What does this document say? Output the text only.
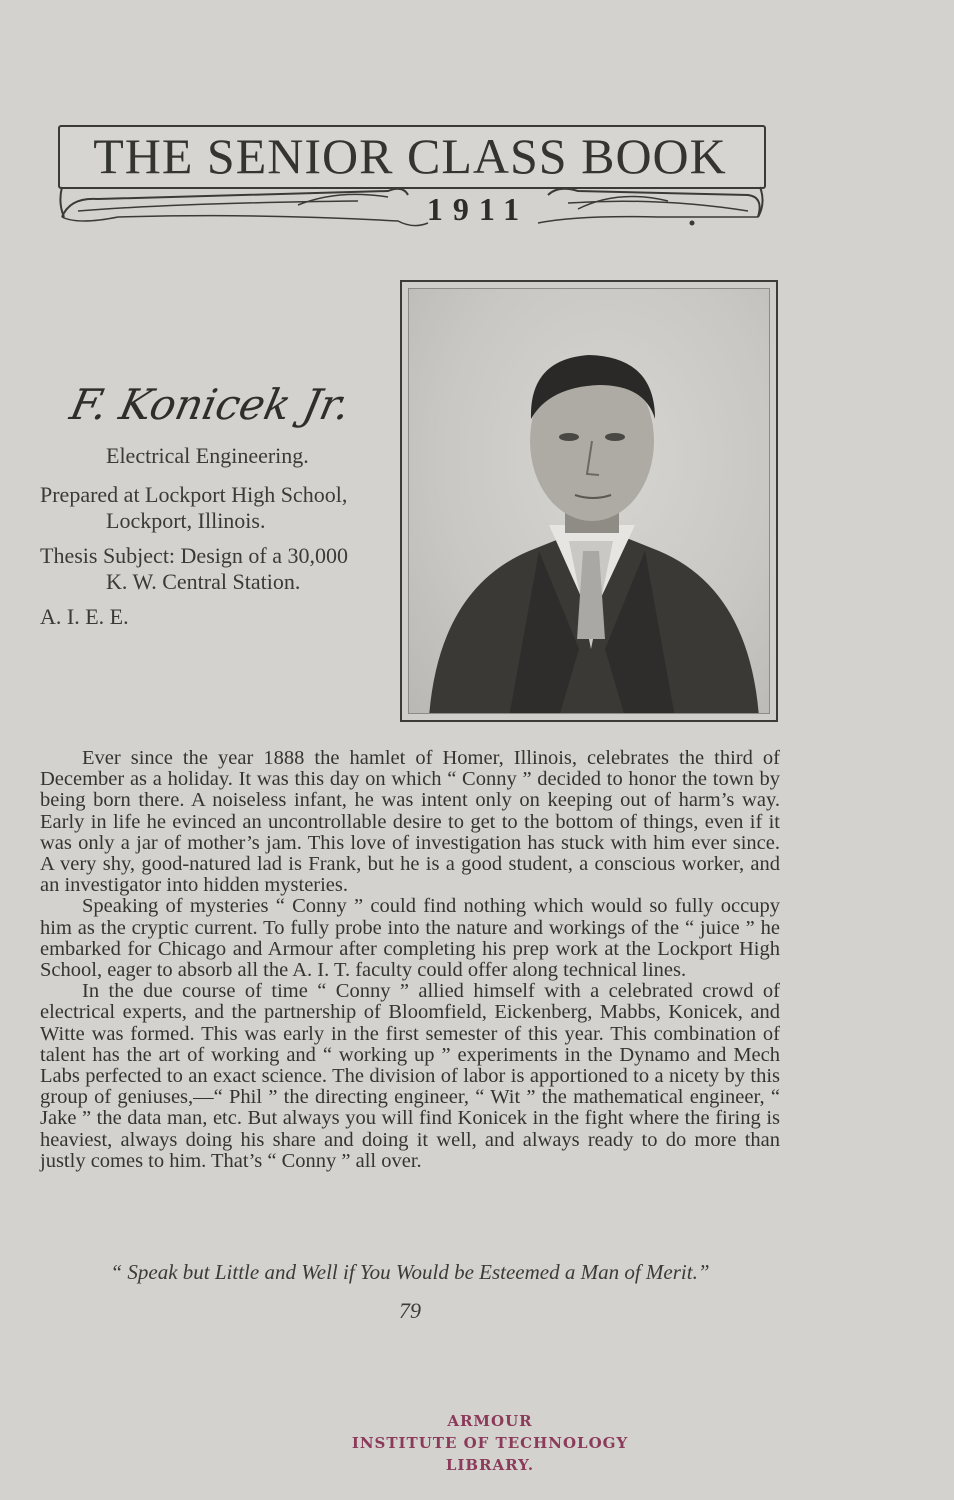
THE SENIOR CLASS BOOK
1911
F. Konicek Jr.
Electrical Engineering.
Prepared at Lockport High School,
Lockport, Illinois.
Thesis Subject: Design of a 30,000
K. W. Central Station.
A. I. E. E.

Ever since the year 1888 the hamlet of Homer, Illinois, celebrates the third of December as a holiday. It was this day on which “ Conny ” decided to honor the town by being born there. A noiseless infant, he was intent only on keeping out of harm’s way. Early in life he evinced an uncontrollable desire to get to the bottom of things, even if it was only a jar of mother’s jam. This love of investigation has stuck with him ever since. A very shy, good-natured lad is Frank, but he is a good student, a conscious worker, and an investigator into hidden mysteries.

Speaking of mysteries “ Conny ” could find nothing which would so fully occupy him as the cryptic current. To fully probe into the nature and workings of the “ juice ” he embarked for Chicago and Armour after completing his prep work at the Lockport High School, eager to absorb all the A. I. T. faculty could offer along technical lines.

In the due course of time “ Conny ” allied himself with a celebrated crowd of electrical experts, and the partnership of Bloomfield, Eickenberg, Mabbs, Konicek, and Witte was formed. This was early in the first semester of this year. This combination of talent has the art of working and “ working up ” experiments in the Dynamo and Mech Labs perfected to an exact science. The division of labor is apportioned to a nicety by this group of geniuses,—“ Phil ” the directing engineer, “ Wit ” the mathematical engineer, “ Jake ” the data man, etc. But always you will find Konicek in the fight where the firing is heaviest, always doing his share and doing it well, and always ready to do more than justly comes to him. That’s “ Conny ” all over.

“ Speak but Little and Well if You Would be Esteemed a Man of Merit.”
79
ARMOUR
INSTITUTE OF TECHNOLOGY
LIBRARY.
